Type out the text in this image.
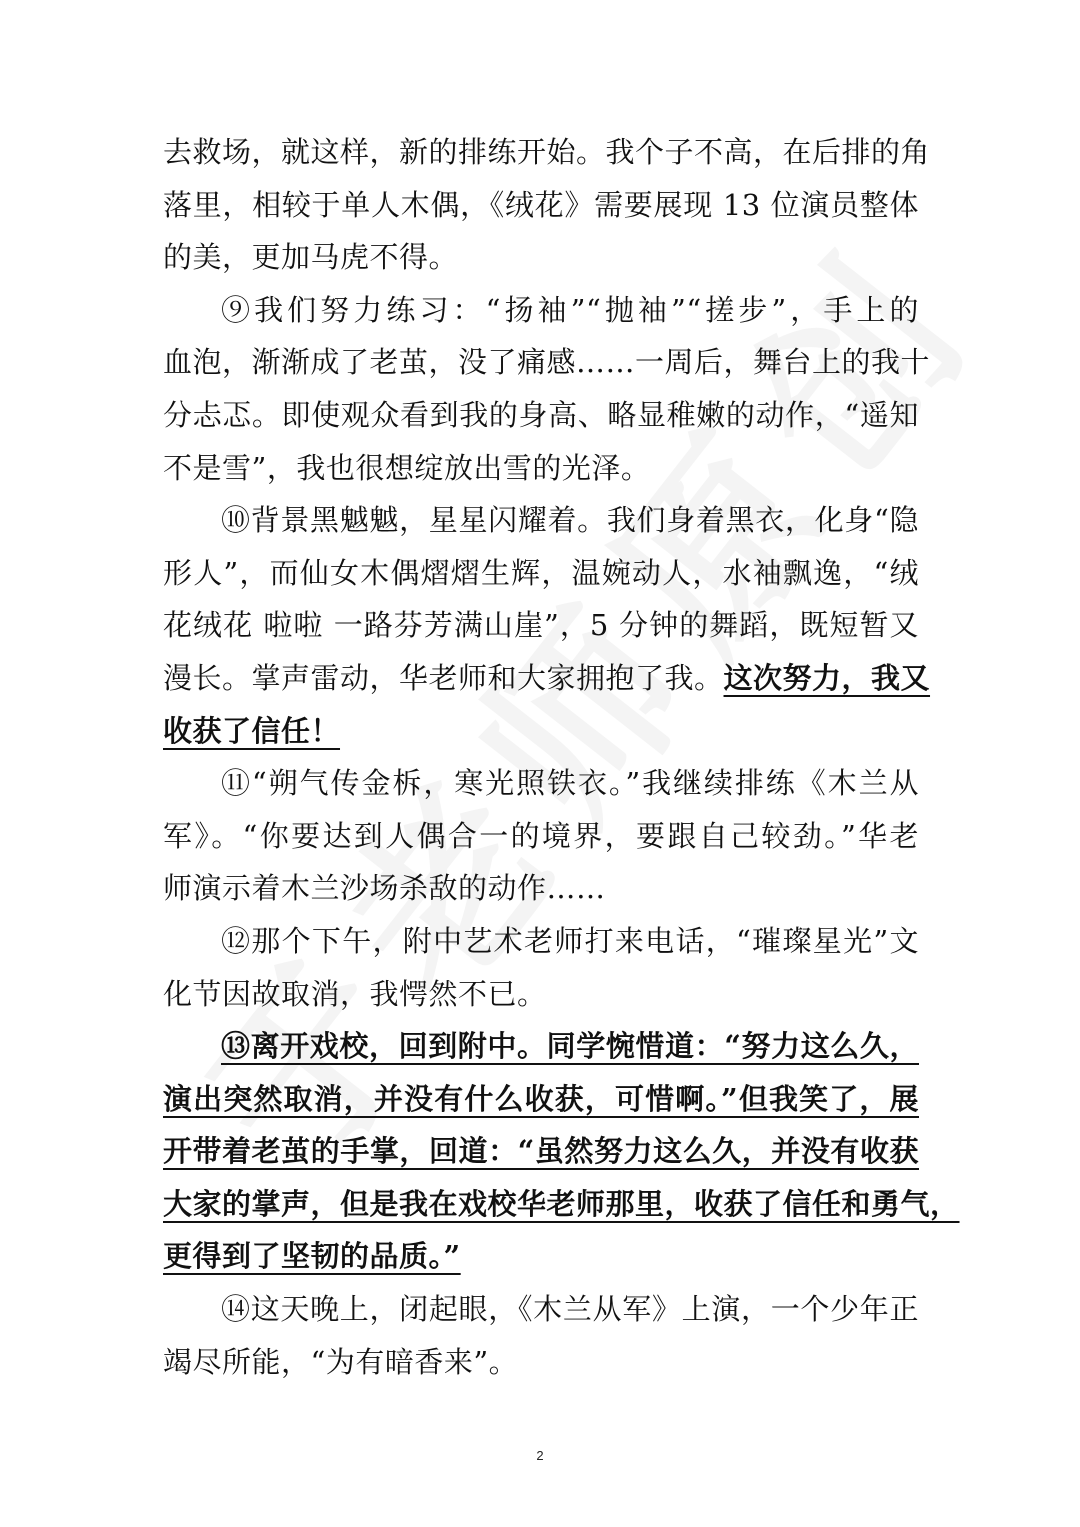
去救场，就这样，新的排练开始。我个子不高，在后排的角
落里，相较于单人木偶，《绒花》需要展现 13 位演员整体
的美，更加马虎不得。
⑨我们努力练习：“扬袖”“抛袖”“搓步”，手上的
血泡，渐渐成了老茧，没了痛感……一周后，舞台上的我十
分忐忑。即使观众看到我的身高、略显稚嫩的动作，“遥知
不是雪”，我也很想绽放出雪的光泽。
⑩背景黑魆魆，星星闪耀着。我们身着黑衣，化身“隐
形人”，而仙女木偶熠熠生辉，温婉动人，水袖飘逸，“绒
花绒花 啦啦 一路芬芳满山崖”，5 分钟的舞蹈，既短暂又
漫长。掌声雷动，华老师和大家拥抱了我。这次努力，我又
收获了信任！
⑪“朔气传金柝，寒光照铁衣。”我继续排练《木兰从
军》。“你要达到人偶合一的境界，要跟自己较劲。”华老
师演示着木兰沙场杀敌的动作……
⑫那个下午，附中艺术老师打来电话，“璀璨星光”文
化节因故取消，我愕然不已。
⑬离开戏校，回到附中。同学惋惜道：“努力这么久，
演出突然取消，并没有什么收获，可惜啊。”但我笑了，展
开带着老茧的手掌，回道：“虽然努力这么久，并没有收获
大家的掌声，但是我在戏校华老师那里，收获了信任和勇气，
更得到了坚韧的品质。”
⑭这天晚上，闭起眼，《木兰从军》上演，一个少年正
竭尽所能，“为有暗香来”。
2
